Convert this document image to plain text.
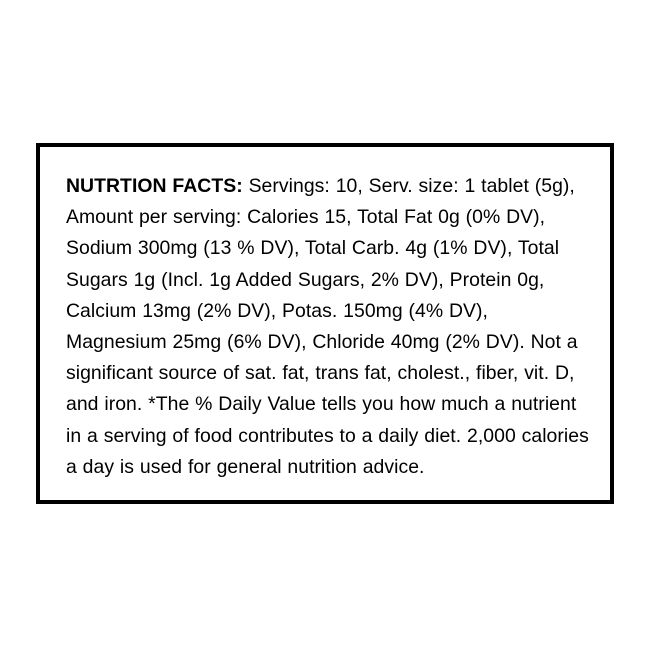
NUTRTION FACTS: Servings: 10, Serv. size: 1 tablet (5g), Amount per serving: Calories 15, Total Fat 0g (0% DV), Sodium 300mg (13 % DV), Total Carb. 4g (1% DV), Total Sugars 1g (Incl. 1g Added Sugars, 2% DV), Protein 0g, Calcium 13mg (2% DV), Potas. 150mg (4% DV), Magnesium 25mg (6% DV), Chloride 40mg (2% DV). Not a significant source of sat. fat, trans fat, cholest., fiber, vit. D, and iron. *The % Daily Value tells you how much a nutrient in a serving of food contributes to a daily diet. 2,000 calories a day is used for general nutrition advice.
